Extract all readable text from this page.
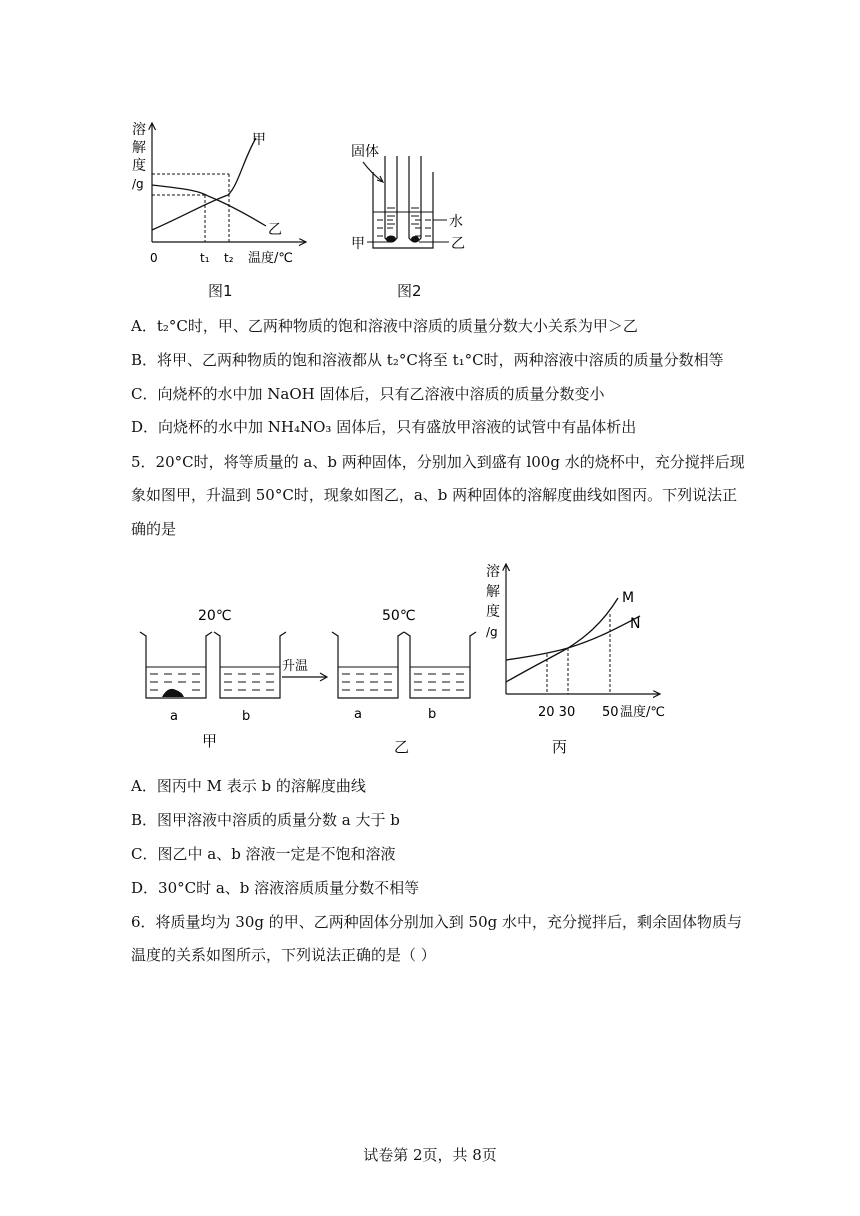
溶
解
度
/g
甲
乙
0	t₁ t₂ 温度/℃
图1
固体
水
甲	乙
图2
A．t₂°C时，甲、乙两种物质的饱和溶液中溶质的质量分数大小关系为甲＞乙
B．将甲、乙两种物质的饱和溶液都从 t₂°C将至 t₁°C时，两种溶液中溶质的质量分数相等
C．向烧杯的水中加 NaOH 固体后，只有乙溶液中溶质的质量分数变小
D．向烧杯的水中加 NH₄NO₃ 固体后，只有盛放甲溶液的试管中有晶体析出
5．20°C时，将等质量的 a、b 两种固体，分别加入到盛有 l00g 水的烧杯中，充分搅拌后现
象如图甲，升温到 50°C时，现象如图乙，a、b 两种固体的溶解度曲线如图丙。下列说法正
确的是
20℃	50℃
a	b
升温
a	b
甲	乙
溶
解
度
/g
M
N
20 30 50 温度/℃
丙
A．图丙中 M 表示 b 的溶解度曲线
B．图甲溶液中溶质的质量分数 a 大于 b
C．图乙中 a、b 溶液一定是不饱和溶液
D．30°C时 a、b 溶液溶质质量分数不相等
6．将质量均为 30g 的甲、乙两种固体分别加入到 50g 水中，充分搅拌后，剩余固体物质与
温度的关系如图所示，下列说法正确的是（ ）
试卷第 2页，共 8页
